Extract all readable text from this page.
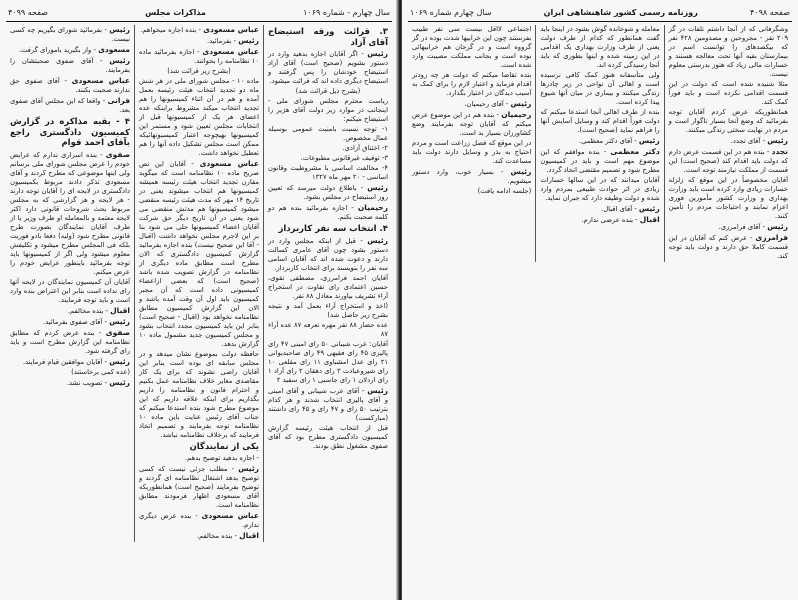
سال چهارم - شماره ۱۰۶۹
مذاکرات مجلس
صفحه ۴۰۹۹

۳. قرائت ورقه استیضاح آقای آزاد

رئیس - اگر آقایان اجازه بدهید وارد در دستور بشویم (صحیح است) آقای آزاد استیضاح خودشان را پس گرفتند و استیضاح دیگری داده اند که قرائت میشود.

(بشرح ذیل قرائت شد)

ریاست محترم مجلس شورای ملی - اینجانب در موارد زیر دولت آقای هژیر را استیضاح میکنم:

۱- توجه نسبت بامنیت عمومی بوسیله عمال مخصوص.

۲- اختناق آزادی.

۳- توقیف غیرقانونی مطبوعات.

۴- مخالفت اساسی با مشروطیت وقانون اساسی - ۲۰ مهر ماه ۱۳۲۷

رئیس - باطلاع دولت میرسد که تعیین روز استیضاح در مجلس بشود.

رحیمیان - اجازه بفرمائید بنده هم دو کلمه صحبت بکنم.

۴. انتخاب سه نفر کاربرداز

رئیس - قبل از اینکه مجلس وارد در دستور بشود چون آقای عامری کسالت دارند و دعوت شده اند که آقایان اسامی سه نفر را بنویسند برای انتخاب کاربرداز.

آقایان احمد فرامرزی، مصطفی تقوی، حسین اعتمادی رای نفاوت در استخراج آراء تشریف بیاورند معادل ۸۸ نفر.

(اخذ و استخراج آراء بعمل آمد و نتیجه بشرح زیر حاصل شد)

عده حضار ۸۸ نفر مهره تعرفه ۸۷ عده آراء ۸۷

آقایان: عرب شیبانی ۵۰ رای امینی ۴۷ رای پالیزی ۴۵ رای فقیهی ۴۹ رای صاحبدیوانی ۲۱ رای عدل امشباوی ۱۱ رای مقلعی ۱۰ رای شیروعبادت ۳ رای دهقان ۲ رای آزاد ۱ رای اردلان ۱ رای جاسبی ۱ رای سفید ۲

رئیس - آقای عرب شیبانی و آقای امینی و آقای پالیزی انتخاب شدند و هر کدام بترتیب ۵۰ رای و ۴۷ رای و ۴۵ رای داشتند (مبارکست)

قبل از انتخاب هیئت رئیسه گزارش کمیسیون دادگستری مطرح بود که آقای صفوی مشغول نطق بودند.

عباس مسعودی - بنده اجازه میخواهم.

رئیس - بفرمائید.

عباس مسعودی - اجازه بفرمائید ماده ۱۰ نظامنامه را بخوانند.

(بشرح زیر قرائت شد)

ماده ۱۰ - مجلس شورای ملی در هر شش ماه دو تجدید انتخاب هیئت رئیسه بعمل آمده و هم در آن اثناء کمیسیونها را هم تجدید انتخاب میکند مشروط براینکه عده اعضای هر یک از کمیسیونها قبل از انتخابات مجلس تعیین شود و مستمر این کمیسیونها بهیچوجه اعتبار کمیسیونهائیکه ممکن است مجلس تشکیل داده آنها را هم تعطیل نخواهد داشت.

عباس مسعودی - آقایان این نص صریح ماده ۱۰ نظامنامه است که میگوید مقارن تجدید انتخاب هیئت رئیسه همیشه کمیسیونها هم انتخاب میشوند یعنی در تاریخ ۱۴ مهر که مدت هیئت رئیسه منقضی میشود کمیسیونها هم مدتش منقضی می شود یعنی در آن تاریخ دیگر حق شرکت آقایان اعضاء کمیسیونها حلی می شود بنا بر این لاجرم مجلس نخواهد داشت (اقبال - آقا این صحیح نیست) بنده اجازه بفرمائید گزارش کمیسیون دادگستری که الان مطرح است مطابق ماده دیگری از نظامنامه در گزارش تصویب شده باشد (صحیح است) که بعضی ازاعضاء کمیسیونی داده است که آن مجبر کمیسیون باید اول آن وقت آمده باشد و الان این گزارش کمیسیون مطابق نظامنامه نخواهد بود (اقبال - صحیح است) بنابر این باید کمیسیون مجدد انتخاب بشود و مجلس کمیسیون جدید مشمول ماده ۱۰ گزارش بدهد.

حافظه دولت بموضوع نشان میدهد و در مجلس سابقه ای بوده است بنابر این آقایان راضی نشوند که برای یک کار مقاصدی مغایر خلاف نظامنامه عمل بکنیم و احترام قانون و نظامنامه را داریم بگذاریم برای اینکه علاقه داریم که این موضوع مطرح شود بنده استدعا میکنم که جناب آقای رئیس عنایت باین ماده ۱۰ نظامنامه توجه بفرمایند و تصمیم اتخاذ فرمایند که برخلاف نظامنامه نباشد.

یکی از نمایندگان

- اجازه بدهید توضیح بدهم.

رئیس - مطلب جزئی نیست که کسی توضیح بدهد اشتغال نظامنامه ای گردند و توضیح بفرمایند (صحیح است) همانطوریکه آقای مسعودی اظهار فرمودند مطابق نظامنامه است.

عباس مسعودی - بنده عرض دیگری ندارم.

اقبال - بنده مخالفم.

رئیس - بفرمائید شورای بگیریم چه کسی نیست.

مسعودی - واز بگیرید بامورای گرفت.

رئیس - آقای صفوی صحبتشان را بفرمایند.

عباس مسعودی - آقای صفوی حق ندارند صحبت بکنند.

فرانی - واقعا که این مجلس آقای صفوی بعد.

۴ - بقیه مذاکره در گزارش کمیسیون دادگستری راجع بآقای احمد قوام

صفوی - بنده اسراری ندارم که عرایض خودم را عرض مجلس شورای ملی برسانم ولی اینها موضوعی که مطرح کردند و آقای مسعودی تذکر دادند مربوط بکمیسیون دادگستری در لایحه ای را آقایان توجه دارند - هر لایحه و هر گزارشی که به مجلس مربوط بحث شروحات قانونی دارد اکثر لایحه معتمد و بالمعامله او طرف وزیر یا از طرف آقایان نمایندگان بصورت طرح قانونی مطرح شود (ولیه) دفعا بادو فوریت بلکه فی المجلس مطرح میشود و تکلیفش معلوم میشود ولی اگر از کمیسیونها باید توجه بفرمائید باینطور عرایض خودم را عرض میکنم.

آقایان آن کمیسیون نمایندگان در لایحه آنها رای نداده است بنابر این اعتراض بنده وارد است و باید توجه فرمایند.

اقبال - بنده مخالفم.

رئیس - آقای صفوی بفرمائید.

صفوی - بنده عرض کردم که مطابق نظامنامه این گزارش مطرح است و باید رای گرفته شود.

رئیس - آقایان موافقین قیام فرمایند.

(عده کمی برخاستند)

رئیس - تصویب نشد.

صفحه ۴۰۹۸
روزنامه رسمی کشور شاهنشاهی ایران
سال چهارم شماره ۱۰۶۹

وشگرفانی که از آنجا داشتم تلفات در گز ۲۰۹ نفر - مجروحین و مصدومین ۴۲۸ نفر که بیکصدهای را توانست اسم در بیمارستان بقیه آنها تحت معالجه هستند و خسارات مالی زیاد که هنوز بدرستی معلوم نیست.

مثلا شنیده شده است که دولت در این قسمت اقدامی نکرده است و باید فوراً کمک کند.

همانطوریکه عرض کردم آقایان توجه بفرمائید که وضع آنجا بسیار ناگوار است و مردم در نهایت سختی زندگی میکنند.

رئیس - آقای تجدد.

تجدد - بنده هم در این قسمت عرض دارم که دولت باید اقدام کند (صحیح است) این قسمت از مملکت نیازمند توجه است.

آقایان مخصوصاً در این موقع که زلزله خسارات زیادی وارد کرده است باید وزارت بهداری و وزارت کشور مأمورین فوری اعزام نمایند و احتیاجات مردم را تأمین کنند.

رئیس - آقای فرامرزی.

فرامرزی - عرض کنم که آقایان در این قسمت کاملا حق دارند و دولت باید توجه کند.

معامله و شوخانده گوش بشود در اینجا باید گفت همانطور که کدام از طرف دولت یعنی از طرف وزارت بهداری یک اقدامی در این زمینه شده و اینها بطوری که باید آنجا رسیدگی کرده اند.

ولی متأسفانه هنوز کمک کافی نرسیده است و اهالی آن نواحی در زیر چادرها زندگی میکنند و بیماری در میان آنها شیوع پیدا کرده است.

بنده از طرف اهالی آنجا استدعا میکنم که دولت فوراً اقدام کند و وسایل آسایش آنها را فراهم نماید (صحیح است).

رئیس - آقای دکتر معظمی.

دکتر معظمی - بنده موافقم که این موضوع مهم است و باید در کمیسیون مطرح شود و تصمیم مقتضی اتخاذ گردد.

آقایان میدانند که در این سالها خسارات زیادی در اثر حوادث طبیعی بمردم وارد شده و دولت وظیفه دارد که جبران نماید.

رئیس - آقای اقبال.

اقبال - بنده عرضی ندارم.

اجتماعی لااقل بیست سی نفر طبیب بفرستند چون این خرابیها شدت بوده در گز گرووه است و در گرجان هم خرابیهائی بوده است و بجانب مملکت مصیبت وارد شده است.

بنده تقاضا میکنم که دولت هر چه زودتر اقدام فرماید و اعتبار لازم را برای کمک به آسیب دیدگان در اختیار بگذارد.

رئیس - آقای رحیمیان.

رحیمیان - بنده هم در این موضوع عرض میکنم که آقایان توجه بفرمایند وضع کشاورزان بسیار بد است.

در این موقع که فصل زراعت است و مردم احتیاج به بذر و وسایل دارند دولت باید مساعدت کند.

رئیس - بسیار خوب، وارد دستور میشویم.

(جلسه ادامه یافت)
